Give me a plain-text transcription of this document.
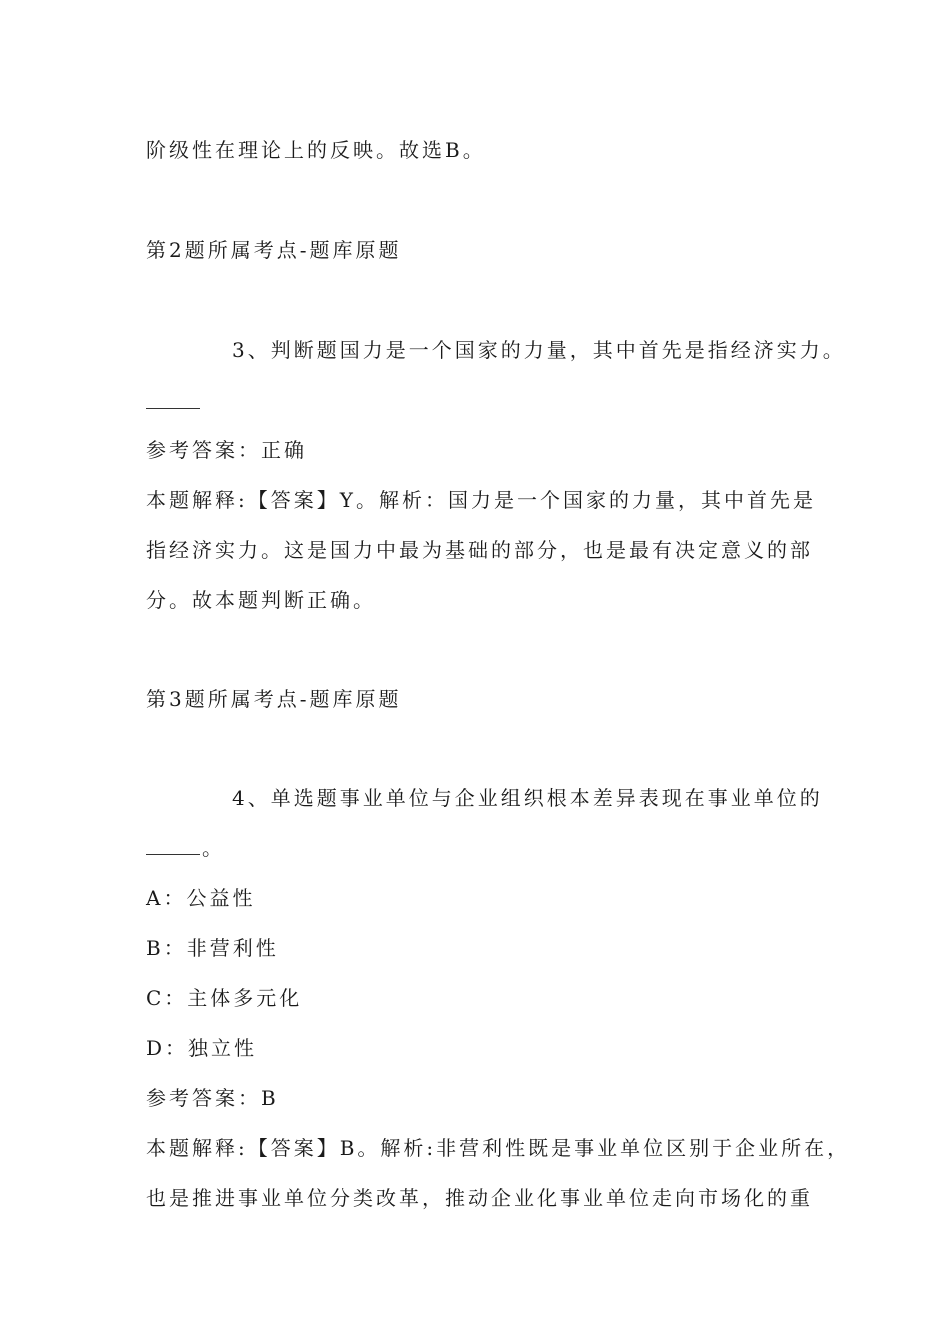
阶级性在理论上的反映。故选B。
第2题所属考点-题库原题
3、判断题国力是一个国家的力量，其中首先是指经济实力。
参考答案：正确
本题解释:【答案】Y。解析：国力是一个国家的力量，其中首先是
指经济实力。这是国力中最为基础的部分，也是最有决定意义的部
分。故本题判断正确。
第3题所属考点-题库原题
4、单选题事业单位与企业组织根本差异表现在事业单位的
。
A：公益性
B：非营利性
C：主体多元化
D：独立性
参考答案：B
本题解释:【答案】B。解析:非营利性既是事业单位区别于企业所在，
也是推进事业单位分类改革，推动企业化事业单位走向市场化的重
